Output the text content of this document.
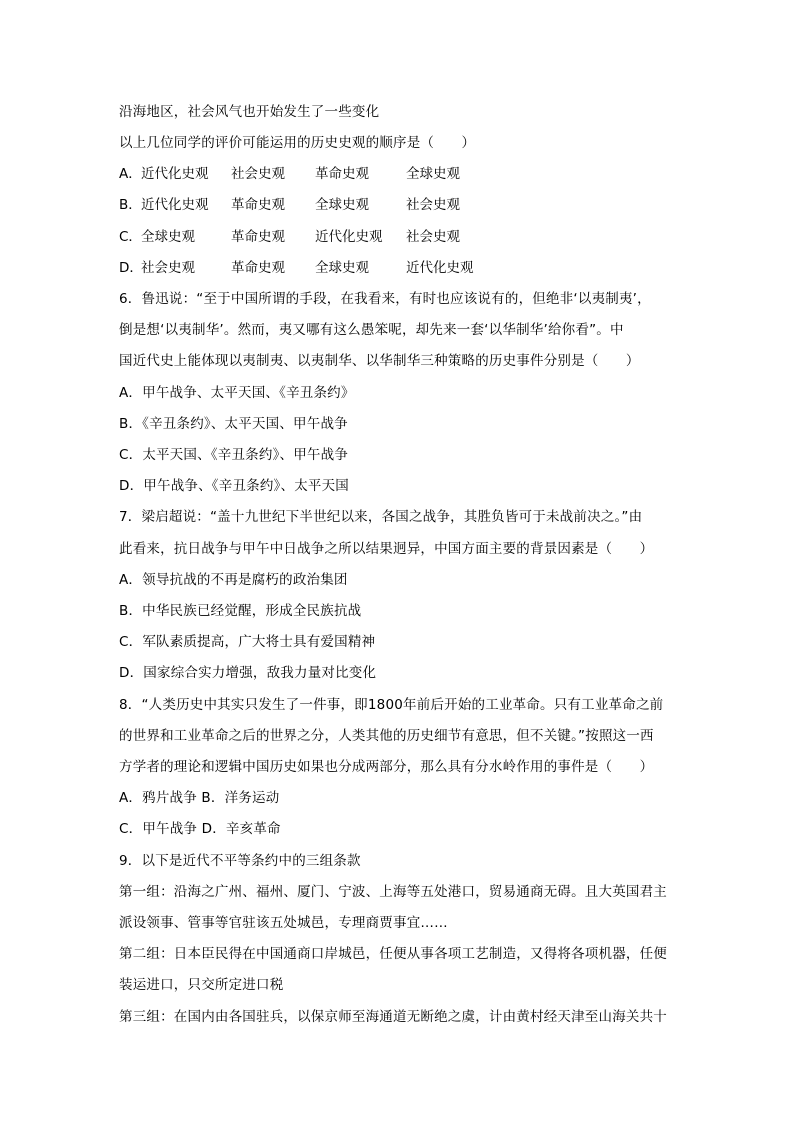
沿海地区，社会风气也开始发生了一些变化
以上几位同学的评价可能运用的历史史观的顺序是（　　）

A．

近代化史观

社会史观

革命史观

	全球史观

B．

近代化史观

革命史观

全球史观

	社会史观

C．

全球史观

	革命史观

近代化史观

社会史观

D．

社会史观

	革命史观

全球史观

	近代化史观

6．鲁迅说：“至于中国所谓的手段，在我看来，有时也应该说有的，但绝非‘以夷制夷’，
倒是想‘以夷制华’。然而，夷又哪有这么愚笨呢，却先来一套‘以华制华’给你看”。中
国近代史上能体现以夷制夷、以夷制华、以华制华三种策略的历史事件分别是（　　）
A．甲午战争、太平天国、《辛丑条约》
B．《辛丑条约》、太平天国、甲午战争
C．太平天国、《辛丑条约》、甲午战争
D．甲午战争、《辛丑条约》、太平天国
7．梁启超说：“盖十九世纪下半世纪以来，各国之战争，其胜负皆可于未战前决之。”由
此看来，抗日战争与甲午中日战争之所以结果迥异，中国方面主要的背景因素是（　　）
A．领导抗战的不再是腐朽的政治集团
B．中华民族已经觉醒，形成全民族抗战
C．军队素质提高，广大将士具有爱国精神
D．国家综合实力增强，敌我力量对比变化
8．“人类历史中其实只发生了一件事，即1800年前后开始的工业革命。只有工业革命之前
的世界和工业革命之后的世界之分，人类其他的历史细节有意思，但不关键。”按照这一西
方学者的理论和逻辑中国历史如果也分成两部分，那么具有分水岭作用的事件是（　　）
A．鸦片战争 B．洋务运动
C．甲午战争 D．辛亥革命
9．以下是近代不平等条约中的三组条款
第一组：沿海之广州、福州、厦门、宁波、上海等五处港口，贸易通商无碍。且大英国君主
派设领事、管事等官驻该五处城邑，专理商贾事宜……
第二组：日本臣民得在中国通商口岸城邑，任便从事各项工艺制造，又得将各项机器，任便
装运进口，只交所定进口税
第三组：在国内由各国驻兵，以保京师至海通道无断绝之虞，计由黄村经天津至山海关共十
